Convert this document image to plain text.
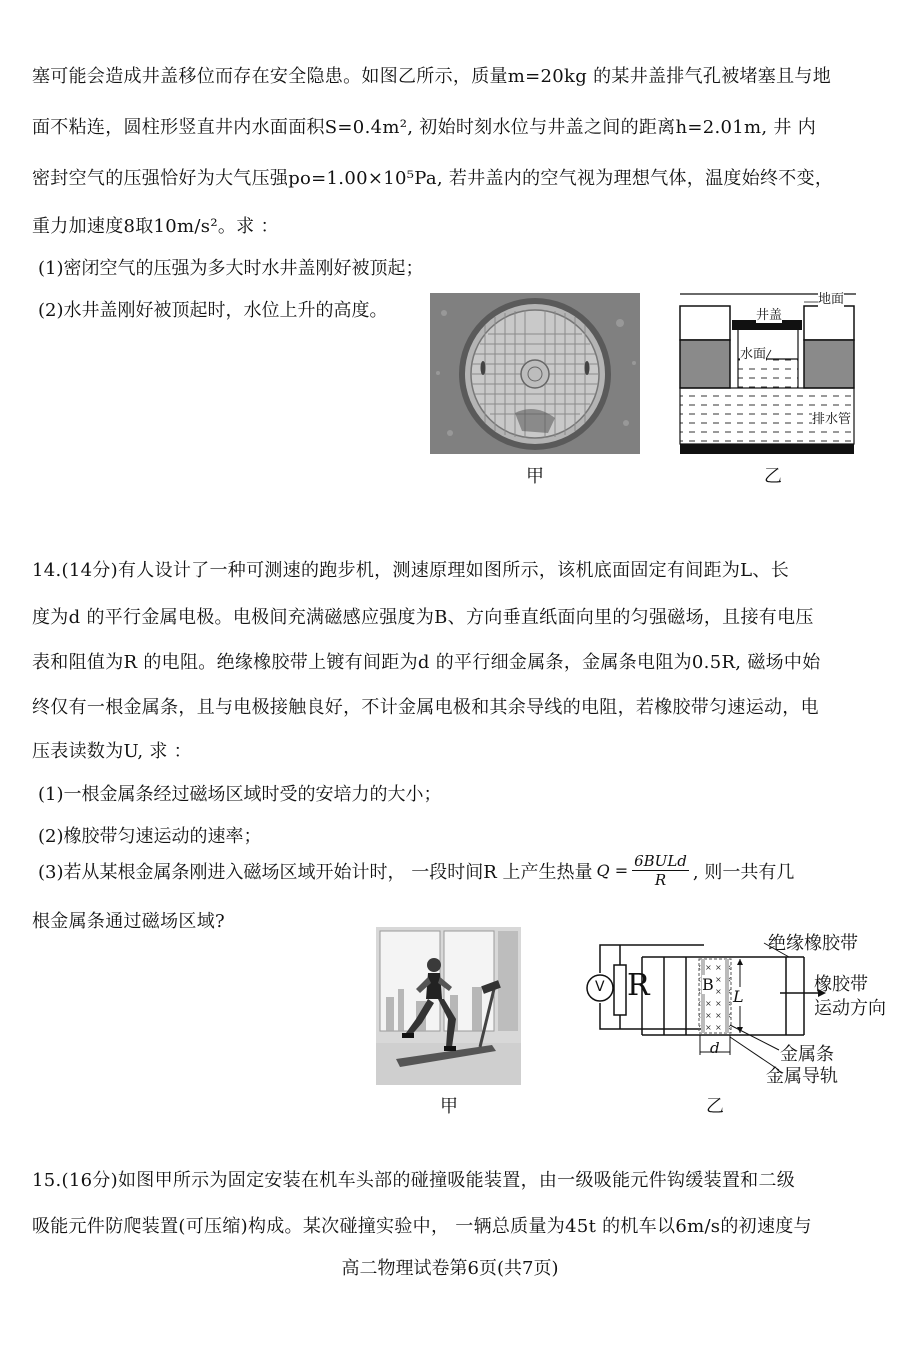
塞可能会造成井盖移位而存在安全隐患。如图乙所示，质量m=20kg 的某井盖排气孔被堵塞且与地
面不粘连，圆柱形竖直井内水面面积S=0.4m², 初始时刻水位与井盖之间的距离h=2.01m, 井 内
密封空气的压强恰好为大气压强po=1.00×10⁵Pa, 若井盖内的空气视为理想气体，温度始终不变，
重力加速度8取10m/s²。求 ：
(1)密闭空气的压强为多大时水井盖刚好被顶起；
(2)水井盖刚好被顶起时，水位上升的高度。
甲
地面
井盖
水面
排水管
乙
14.(14分)有人设计了一种可测速的跑步机，测速原理如图所示，该机底面固定有间距为L、长
度为d 的平行金属电极。电极间充满磁感应强度为B、方向垂直纸面向里的匀强磁场，且接有电压
表和阻值为R 的电阻。绝缘橡胶带上镀有间距为d 的平行细金属条，金属条电阻为0.5R, 磁场中始
终仅有一根金属条，且与电极接触良好，不计金属电极和其余导线的电阻，若橡胶带匀速运动，电
压表读数为U, 求 ：
(1)一根金属条经过磁场区域时受的安培力的大小；
(2)橡胶带匀速运动的速率；
(3)若从某根金属条刚进入磁场区域开始计时， 一段时间R 上产生热量 $Q = \frac{\text{6BULd}}{R}$ , 则一共有几
根金属条通过磁场区域?
甲
V R	B
L
d
绝缘橡胶带
橡胶带
运动方向
金属条
金属导轨
乙
15.(16分)如图甲所示为固定安装在机车头部的碰撞吸能装置，由一级吸能元件钩缓装置和二级
吸能元件防爬装置(可压缩)构成。某次碰撞实验中， 一辆总质量为45t 的机车以6m/s的初速度与
高二物理试卷第6页(共7页)
